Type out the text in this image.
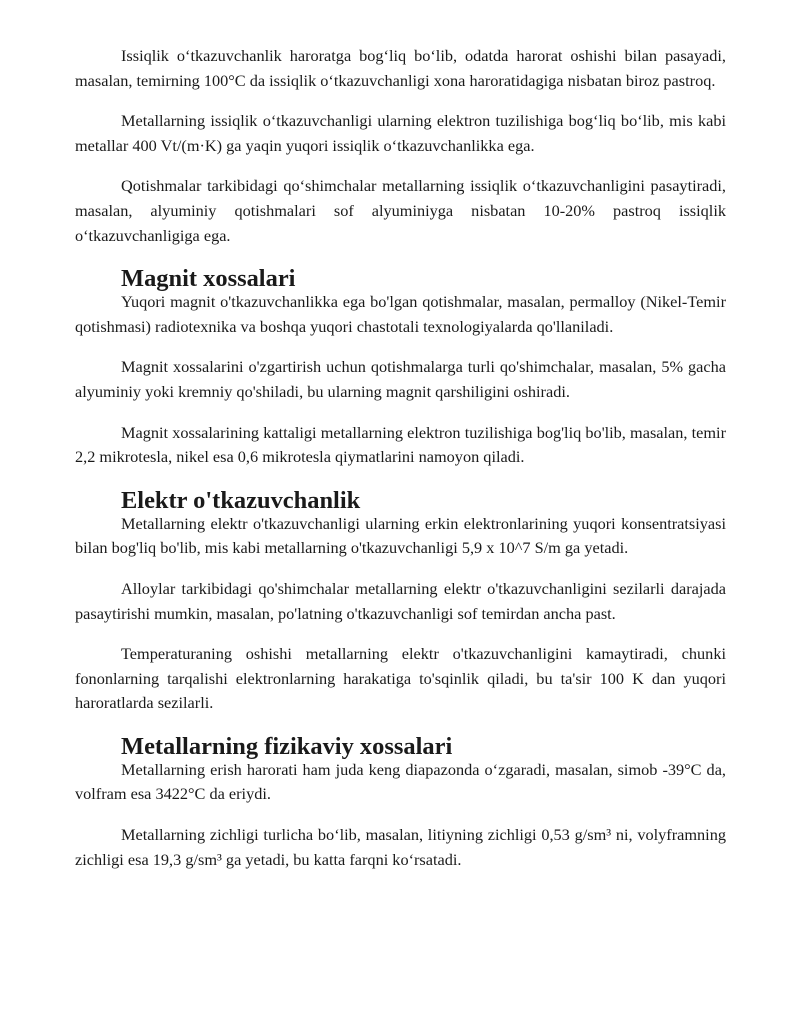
Issiqlik o‘tkazuvchanlik haroratga bog‘liq bo‘lib, odatda harorat oshishi bilan pasayadi, masalan, temirning 100°C da issiqlik o‘tkazuvchanligi xona haroratidagiga nisbatan biroz pastroq.

Metallarning issiqlik o‘tkazuvchanligi ularning elektron tuzilishiga bog‘liq bo‘lib, mis kabi metallar 400 Vt/(m·K) ga yaqin yuqori issiqlik o‘tkazuvchanlikka ega.

Qotishmalar tarkibidagi qo‘shimchalar metallarning issiqlik o‘tkazuvchanligini pasaytiradi, masalan, alyuminiy qotishmalari sof alyuminiyga nisbatan 10-20% pastroq issiqlik o‘tkazuvchanligiga ega.

Magnit xossalari

Yuqori magnit o'tkazuvchanlikka ega bo'lgan qotishmalar, masalan, permalloy (Nikel-Temir qotishmasi) radiotexnika va boshqa yuqori chastotali texnologiyalarda qo'llaniladi.

Magnit xossalarini o'zgartirish uchun qotishmalarga turli qo'shimchalar, masalan, 5% gacha alyuminiy yoki kremniy qo'shiladi, bu ularning magnit qarshiligini oshiradi.

Magnit xossalarining kattaligi metallarning elektron tuzilishiga bog'liq bo'lib, masalan, temir 2,2 mikrotesla, nikel esa 0,6 mikrotesla qiymatlarini namoyon qiladi.

Elektr o'tkazuvchanlik

Metallarning elektr o'tkazuvchanligi ularning erkin elektronlarining yuqori konsentratsiyasi bilan bog'liq bo'lib, mis kabi metallarning o'tkazuvchanligi 5,9 x 10^7 S/m ga yetadi.

Alloylar tarkibidagi qo'shimchalar metallarning elektr o'tkazuvchanligini sezilarli darajada pasaytirishi mumkin, masalan, po'latning o'tkazuvchanligi sof temirdan ancha past.

Temperaturaning oshishi metallarning elektr o'tkazuvchanligini kamaytiradi, chunki fononlarning tarqalishi elektronlarning harakatiga to'sqinlik qiladi, bu ta'sir 100 K dan yuqori haroratlarda sezilarli.

Metallarning fizikaviy xossalari

Metallarning erish harorati ham juda keng diapazonda o‘zgaradi, masalan, simob -39°C da, volfram esa 3422°C da eriydi.

Metallarning zichligi turlicha bo‘lib, masalan, litiyning zichligi 0,53 g/sm³ ni, volyframning zichligi esa 19,3 g/sm³ ga yetadi, bu katta farqni ko‘rsatadi.
